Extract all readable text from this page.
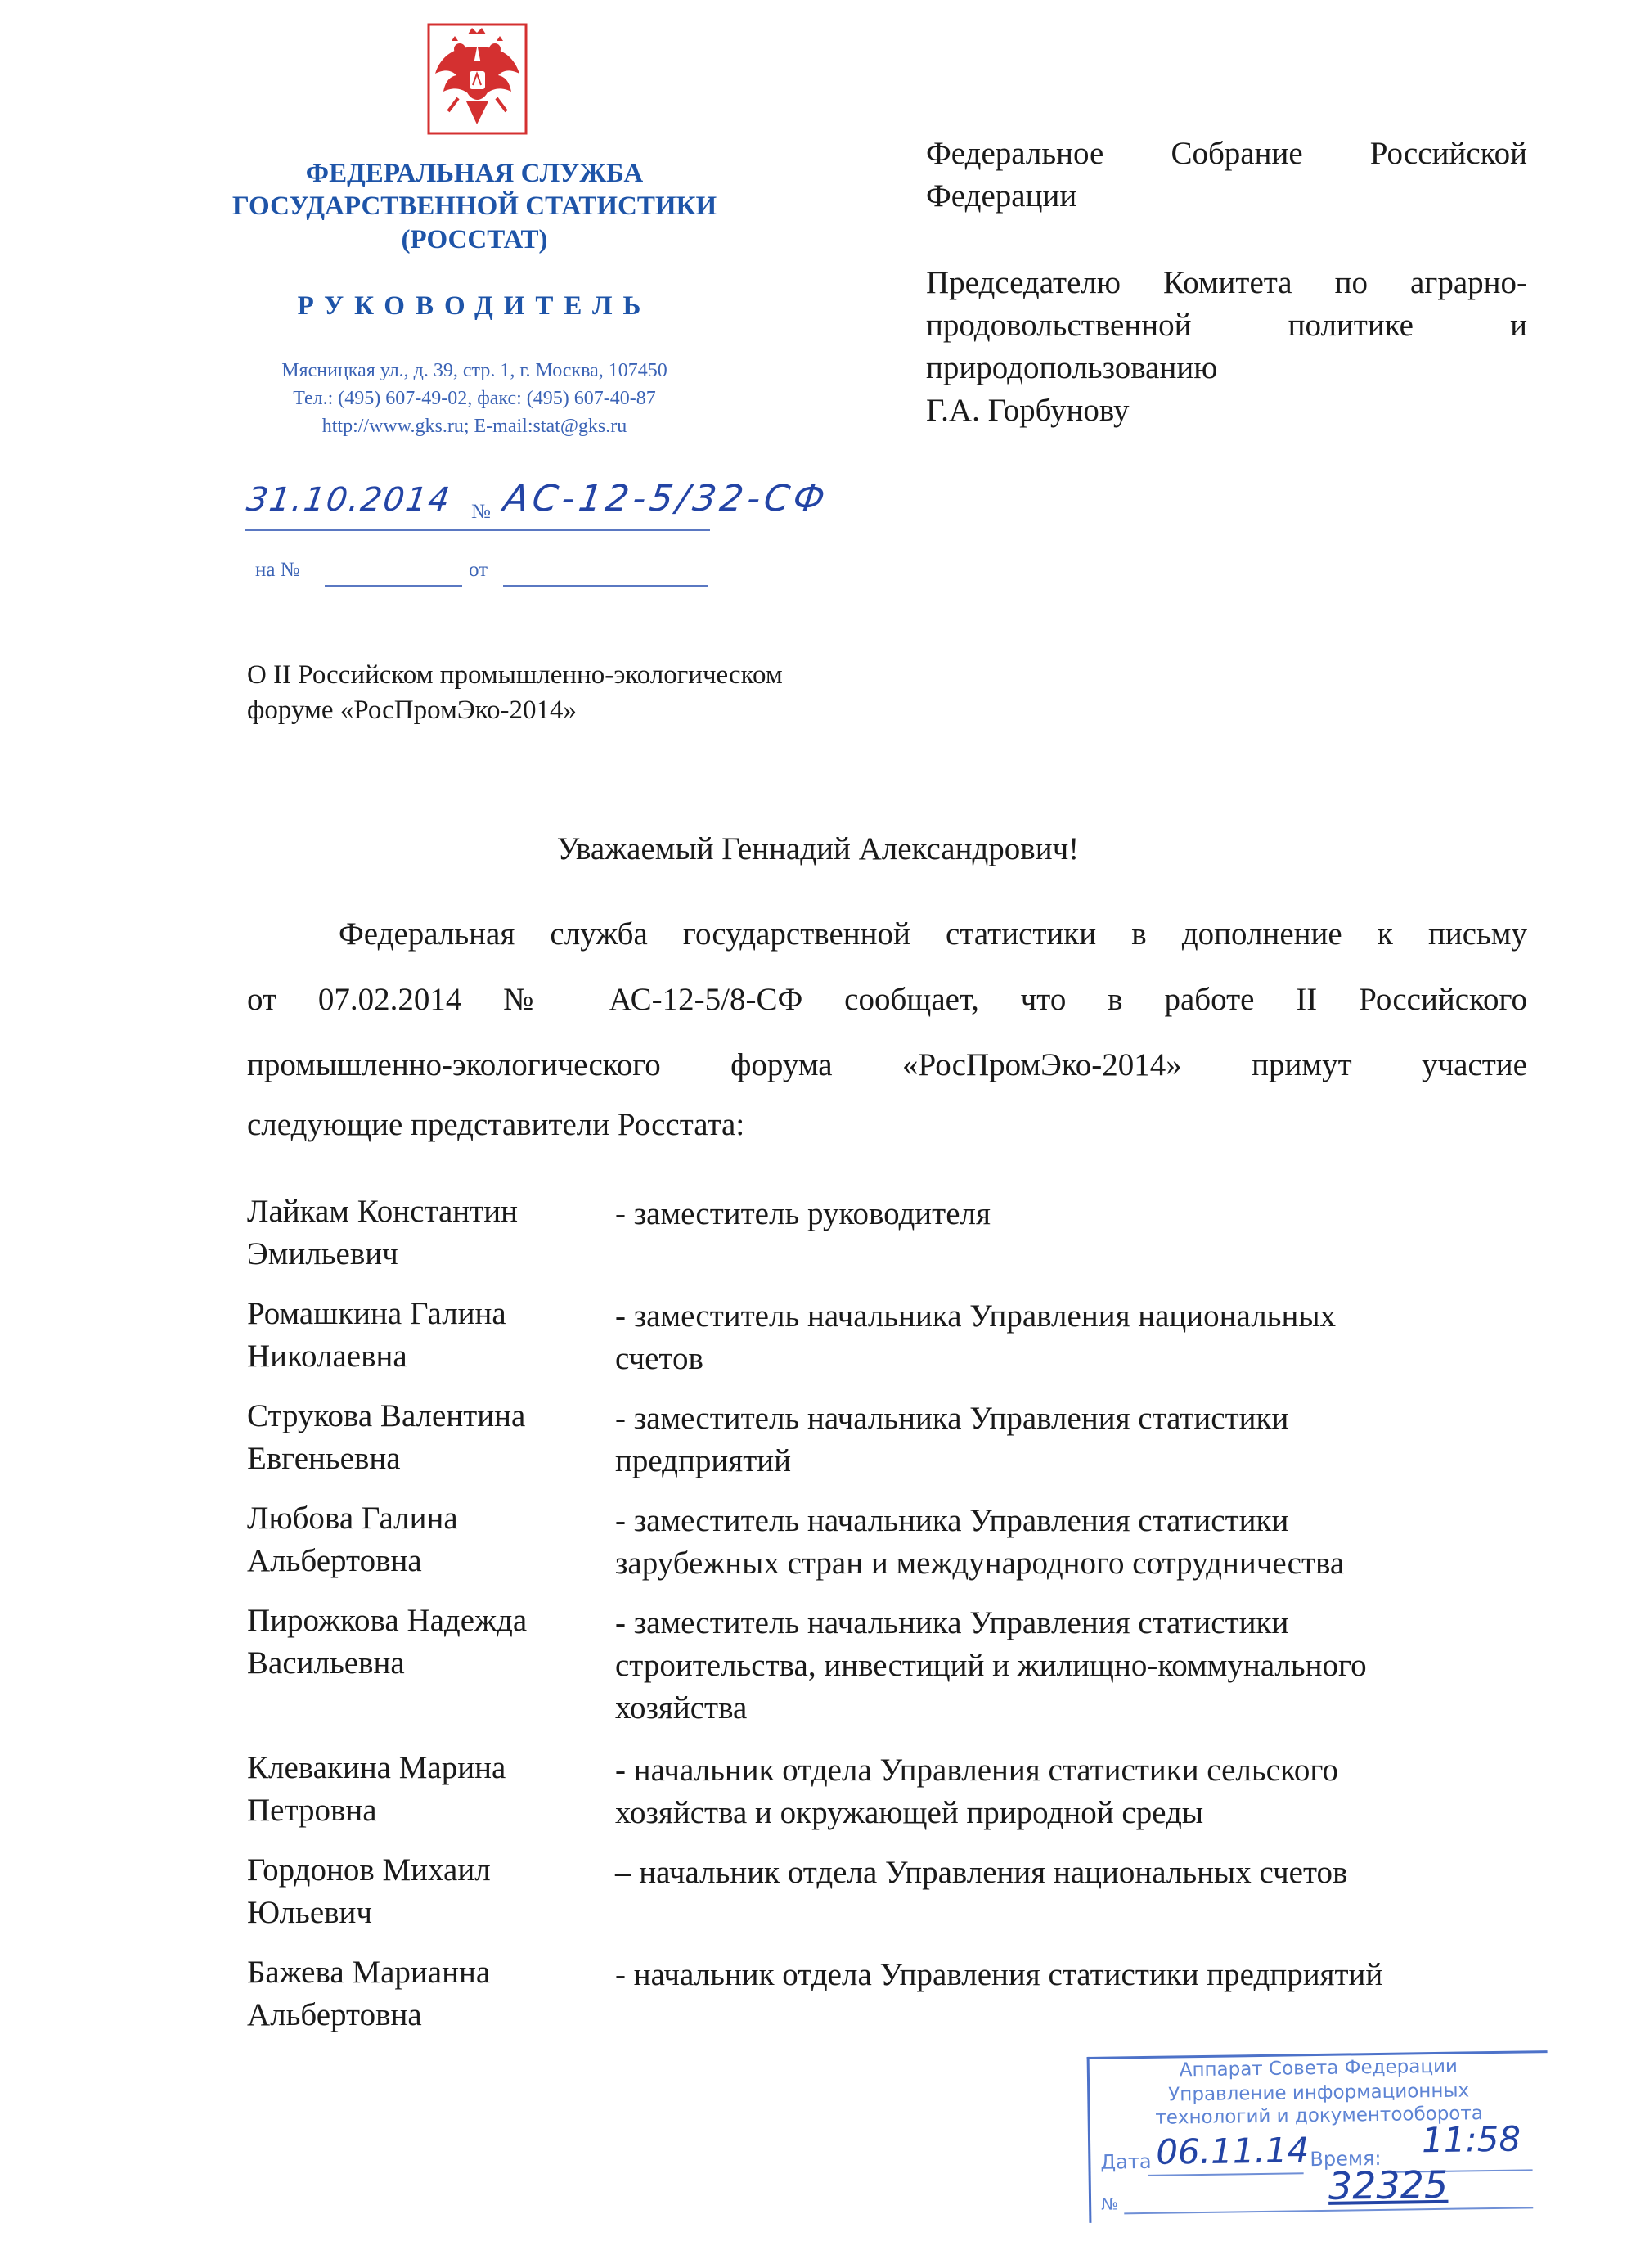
ФЕДЕРАЛЬНАЯ СЛУЖБА
ГОСУДАРСТВЕННОЙ СТАТИСТИКИ
(РОССТАТ)
РУКОВОДИТЕЛЬ
Мясницкая ул., д. 39, стр. 1, г. Москва, 107450
Тел.: (495) 607-49-02, факс: (495) 607-40-87
http://www.gks.ru; E-mail:stat@gks.ru
31.10.2014 № АС-12-5/32-СФ
на №	от
Федеральное Собрание Российской
Федерации
Председателю Комитета по аграрно-
продовольственной политике и
природопользованию
Г.А. Горбунову
О II Российском промышленно-экологическом
форуме «РосПромЭко-2014»
Уважаемый Геннадий Александрович!
Федеральная служба государственной статистики в дополнение к письму
от 07.02.2014 № АС-12-5/8-СФ сообщает, что в работе II Российского
промышленно-экологического форума «РосПромЭко-2014» примут участие
следующие представители Росстата:
Лайкам Константин
Эмильевич
- заместитель руководителя
Ромашкина Галина
Николаевна
- заместитель начальника Управления национальных
счетов
Струкова Валентина
Евгеньевна
- заместитель начальника Управления статистики
предприятий
Любова Галина
Альбертовна
- заместитель начальника Управления статистики
зарубежных стран и международного сотрудничества
Пирожкова Надежда
Васильевна
- заместитель начальника Управления статистики
строительства, инвестиций и жилищно-коммунального
хозяйства
Клевакина Марина
Петровна
- начальник отдела Управления статистики сельского
хозяйства и окружающей природной среды
Гордонов Михаил
Юльевич
– начальник отдела Управления национальных счетов
Бажева Марианна
Альбертовна
- начальник отдела Управления статистики предприятий
Аппарат Совета Федерации
Управление информационных
технологий и документооборота
Дата 06.11.14 Время: 11:58
№	32325
